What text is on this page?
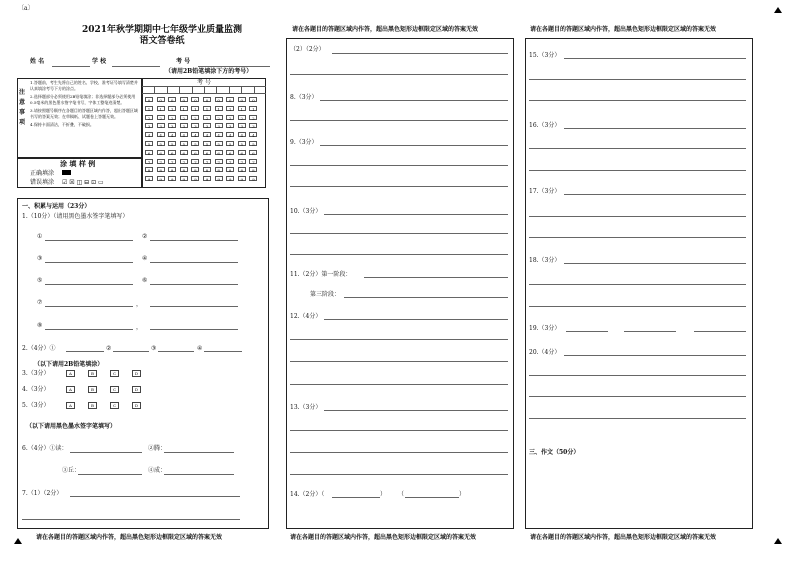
〔a〕
2021年秋学期期中七年级学业质量监测
语文答卷纸
姓 名	学 校	考 号
（请用2B铅笔填涂下方的考号）
注意事项
1.答题前，考生先将自己的姓名、学校、准考证号填写清楚并认真填涂考号下方的涂点。
2.选择题部分必须使用2B铅笔填涂；非选择题部分必须使用0.5毫米的黑色墨水签字笔书写，字体工整笔迹清楚。
3.请按照题号顺序在各题目的答题区域内作答，超出答题区域书写的答案无效；在草稿纸、试题卷上答题无效。
4.保持卡面清洁，不折叠，不破损。
涂 填 样 例
正确填涂
错误填涂 ☑ ☒ ◫ ⊟ ⊡ ▭
考 号
0	0	0	0	0	0	0	0	0	0
1	1	1	1	1	1	1	1	1	1
2	2	2	2	2	2	2	2	2	2
3	3	3	3	3	3	3	3	3	3
4	4	4	4	4	4	4	4	4	4
5	5	5	5	5	5	5	5	5	5
6	6	6	6	6	6	6	6	6	6
7	7	7	7	7	7	7	7	7	7
8	8	8	8	8	8	8	8	8	8
9	9	9	9	9	9	9	9	9	9
一、积累与运用（23分）
1.（10分）（请用黑色墨水签字笔填写）
①	②
③	④
⑤	⑥
⑦	，
⑧	，
2.（4分）①	②	③	④
（以下请用2B铅笔填涂）
3.（3分）	A	B	C	D
4.（3分）	A	B	C	D
5.（3分）	A	B	C	D
（以下请用黑色墨水签字笔填写）
6.（4分）①读：	②腾：
③丘：	④成：
7.（1）（2分）
请在各题目的答题区域内作答，超出黑色矩形边框限定区域的答案无效
请在各题目的答题区域内作答，超出黑色矩形边框限定区域的答案无效
（2）（2分）
8.（3分）
9.（3分）
10.（3分）
11.（2分）第一阶段：
第三阶段：
12.（4分）
13.（3分）
14.（2分）（	） （	）
请在各题目的答题区域内作答，超出黑色矩形边框限定区域的答案无效
请在各题目的答题区域内作答，超出黑色矩形边框限定区域的答案无效
15.（3分）
16.（3分）
17.（3分）
18.（3分）
19.（3分）
20.（4分）
三、作文（50分）
请在各题目的答题区域内作答，超出黑色矩形边框限定区域的答案无效
